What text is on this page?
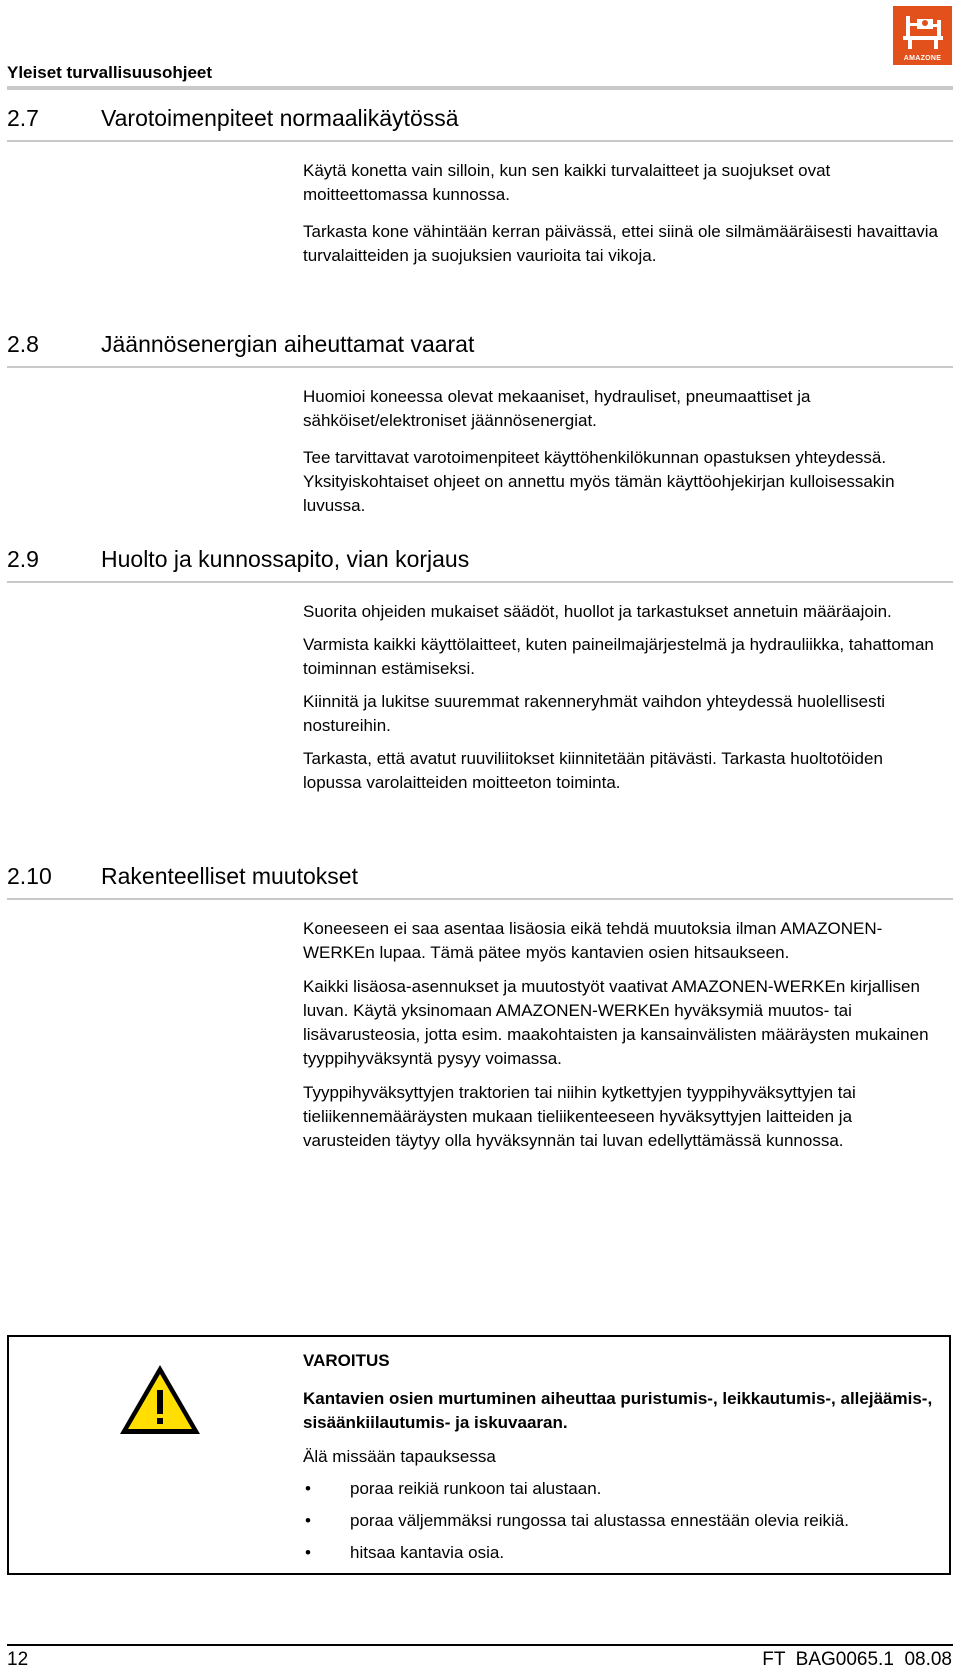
Yleiset turvallisuusohjeet
AMAZONE
2.7	Varotoimenpiteet normaalikäytössä

Käytä konetta vain silloin, kun sen kaikki turvalaitteet ja suojukset ovat moitteettomassa kunnossa.

Tarkasta kone vähintään kerran päivässä, ettei siinä ole silmämääräisesti havaittavia turvalaitteiden ja suojuksien vaurioita tai vikoja.

2.8	Jäännösenergian aiheuttamat vaarat

Huomioi koneessa olevat mekaaniset, hydrauliset, pneumaattiset ja sähköiset/elektroniset jäännösenergiat.

Tee tarvittavat varotoimenpiteet käyttöhenkilökunnan opastuksen yhteydessä. Yksityiskohtaiset ohjeet on annettu myös tämän käyttöohjekirjan kulloisessakin luvussa.

2.9	Huolto ja kunnossapito, vian korjaus

Suorita ohjeiden mukaiset säädöt, huollot ja tarkastukset annetuin määräajoin.

Varmista kaikki käyttölaitteet, kuten paineilmajärjestelmä ja hydrauliikka, tahattoman toiminnan estämiseksi.

Kiinnitä ja lukitse suuremmat rakenneryhmät vaihdon yhteydessä huolellisesti nostureihin.

Tarkasta, että avatut ruuviliitokset kiinnitetään pitävästi. Tarkasta huoltotöiden lopussa varolaitteiden moitteeton toiminta.

2.10	Rakenteelliset muutokset

Koneeseen ei saa asentaa lisäosia eikä tehdä muutoksia ilman AMAZONEN-WERKEn lupaa. Tämä pätee myös kantavien osien hitsaukseen.

Kaikki lisäosa-asennukset ja muutostyöt vaativat AMAZONEN-WERKEn kirjallisen luvan. Käytä yksinomaan AMAZONEN-WERKEn hyväksymiä muutos- tai lisävarusteosia, jotta esim. maakohtaisten ja kansainvälisten määräysten mukainen tyyppihyväksyntä pysyy voimassa.

Tyyppihyväksyttyjen traktorien tai niihin kytkettyjen tyyppihyväksyttyjen tai tieliikennemääräysten mukaan tieliikenteeseen hyväksyttyjen laitteiden ja varusteiden täytyy olla hyväksynnän tai luvan edellyttämässä kunnossa.

VAROITUS

Kantavien osien murtuminen aiheuttaa puristumis-, leikkautumis-, allejäämis-, sisäänkiilautumis- ja iskuvaaran.

Älä missään tapauksessa

• poraa reikiä runkoon tai alustaan.
• poraa väljemmäksi rungossa tai alustassa ennestään olevia reikiä.
• hitsaa kantavia osia.
12	FT  BAG0065.1  08.08
